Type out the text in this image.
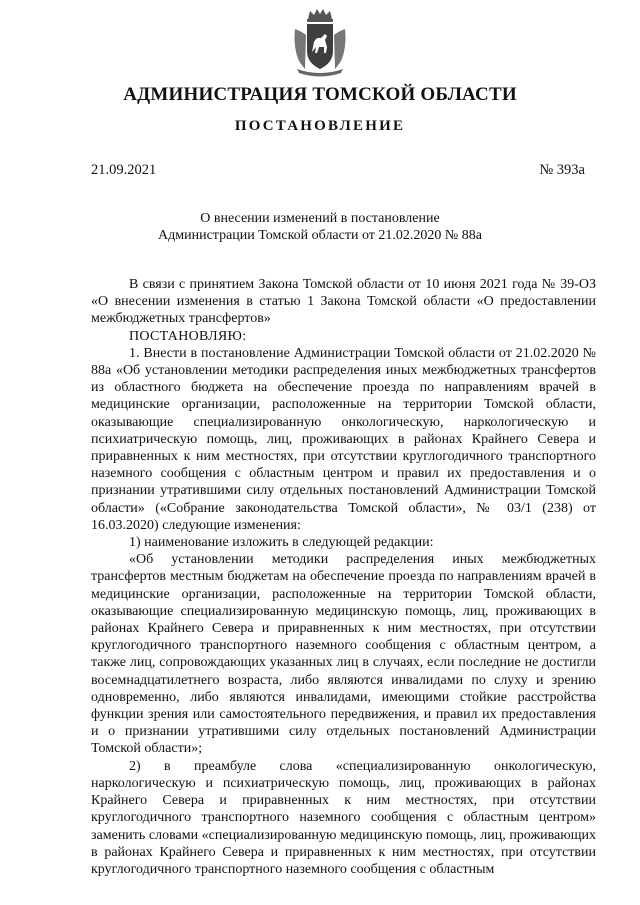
АДМИНИСТРАЦИЯ ТОМСКОЙ ОБЛАСТИ
ПОСТАНОВЛЕНИЕ
21.09.2021	№ 393а
О внесении изменений в постановление
Администрации Томской области от 21.02.2020 № 88а

В связи с принятием Закона Томской области от 10 июня 2021 года № 39-ОЗ «О внесении изменения в статью 1 Закона Томской области «О предоставлении межбюджетных трансфертов»

ПОСТАНОВЛЯЮ:

1. Внести в постановление Администрации Томской области от 21.02.2020 № 88а «Об установлении методики распределения иных межбюджетных трансфертов из областного бюджета на обеспечение проезда по направлениям врачей в медицинские организации, расположенные на территории Томской области, оказывающие специализированную онкологическую, наркологическую и психиатрическую помощь, лиц, проживающих в районах Крайнего Севера и приравненных к ним местностях, при отсутствии круглогодичного транспортного наземного сообщения с областным центром и правил их предоставления и о признании утратившими силу отдельных постановлений Администрации Томской области» («Собрание законодательства Томской области», № 03/1 (238) от 16.03.2020) следующие изменения:

1) наименование изложить в следующей редакции:

«Об установлении методики распределения иных межбюджетных трансфертов местным бюджетам на обеспечение проезда по направлениям врачей в медицинские организации, расположенные на территории Томской области, оказывающие специализированную медицинскую помощь, лиц, проживающих в районах Крайнего Севера и приравненных к ним местностях, при отсутствии круглогодичного транспортного наземного сообщения с областным центром, а также лиц, сопровождающих указанных лиц в случаях, если последние не достигли восемнадцатилетнего возраста, либо являются инвалидами по слуху и зрению одновременно, либо являются инвалидами, имеющими стойкие расстройства функции зрения или самостоятельного передвижения, и правил их предоставления и о признании утратившими силу отдельных постановлений Администрации Томской области»;

2) в преамбуле слова «специализированную онкологическую, наркологическую и психиатрическую помощь, лиц, проживающих в районах Крайнего Севера и приравненных к ним местностях, при отсутствии круглогодичного транспортного наземного сообщения с областным центром» заменить словами «специализированную медицинскую помощь, лиц, проживающих в районах Крайнего Севера и приравненных к ним местностях, при отсутствии круглогодичного транспортного наземного сообщения с областным
